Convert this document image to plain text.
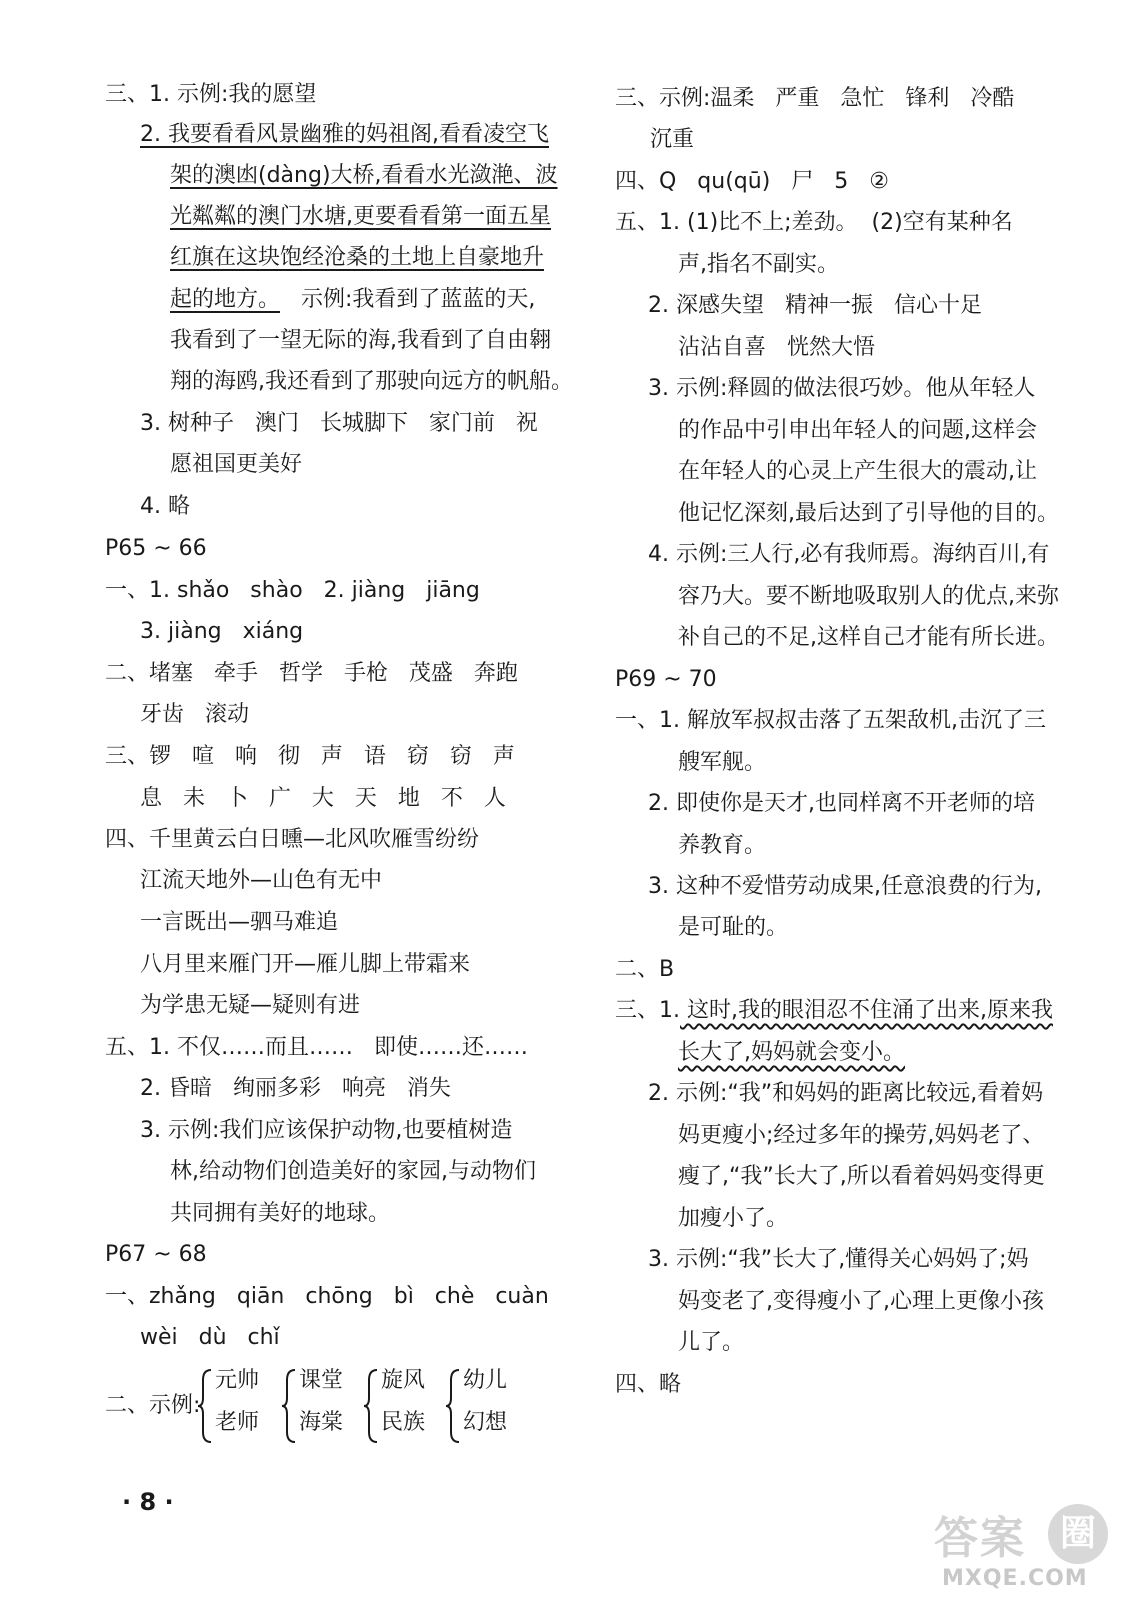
三、1. 示例:我的愿望
2. 我要看看风景幽雅的妈祖阁,看看凌空飞
架的澳凼(dàng)大桥,看看水光潋滟、波
光粼粼的澳门水塘,更要看看第一面五星
红旗在这块饱经沧桑的土地上自豪地升
起的地方。   示例:我看到了蓝蓝的天,
我看到了一望无际的海,我看到了自由翱
翔的海鸥,我还看到了那驶向远方的帆船。
3. 树种子   澳门   长城脚下   家门前   祝
愿祖国更美好
4. 略
P65 ~ 66
一、1. shǎo   shào   2. jiàng   jiāng
3. jiàng   xiáng
二、堵塞   牵手   哲学   手枪   茂盛   奔跑
牙齿   滚动
三、锣   喧   响   彻   声   语   窃   窃   声
息   未   卜   广   大   天   地   不   人
四、千里黄云白日曛—北风吹雁雪纷纷
江流天地外—山色有无中
一言既出—驷马难追
八月里来雁门开—雁儿脚上带霜来
为学患无疑—疑则有进
五、1. 不仅……而且……   即使……还……
2. 昏暗   绚丽多彩   响亮   消失
3. 示例:我们应该保护动物,也要植树造
林,给动物们创造美好的家园,与动物们
共同拥有美好的地球。
P67 ~ 68
一、zhǎng   qiān   chōng   bì   chè   cuàn
wèi   dù   chǐ
二、示例:
元帅
老师
课堂
海棠
旋风
民族
幼儿
幻想
三、示例:温柔   严重   急忙   锋利   冷酷
沉重
四、Q   qu(qū)   尸   5   ②
五、1. (1)比不上;差劲。  (2)空有某种名
声,指名不副实。
2. 深感失望   精神一振   信心十足
沾沾自喜   恍然大悟
3. 示例:释圆的做法很巧妙。他从年轻人
的作品中引申出年轻人的问题,这样会
在年轻人的心灵上产生很大的震动,让
他记忆深刻,最后达到了引导他的目的。
4. 示例:三人行,必有我师焉。海纳百川,有
容乃大。要不断地吸取别人的优点,来弥
补自己的不足,这样自己才能有所长进。
P69 ~ 70
一、1. 解放军叔叔击落了五架敌机,击沉了三
艘军舰。
2. 即使你是天才,也同样离不开老师的培
养教育。
3. 这种不爱惜劳动成果,任意浪费的行为,
是可耻的。
二、B
三、1. 这时,我的眼泪忍不住涌了出来,原来我
长大了,妈妈就会变小。
2. 示例:“我”和妈妈的距离比较远,看着妈
妈更瘦小;经过多年的操劳,妈妈老了、
瘦了,“我”长大了,所以看着妈妈变得更
加瘦小了。
3. 示例:“我”长大了,懂得关心妈妈了;妈
妈变老了,变得瘦小了,心理上更像小孩
儿了。
四、略
· 8 ·
答案 圈
MXQE.COM
